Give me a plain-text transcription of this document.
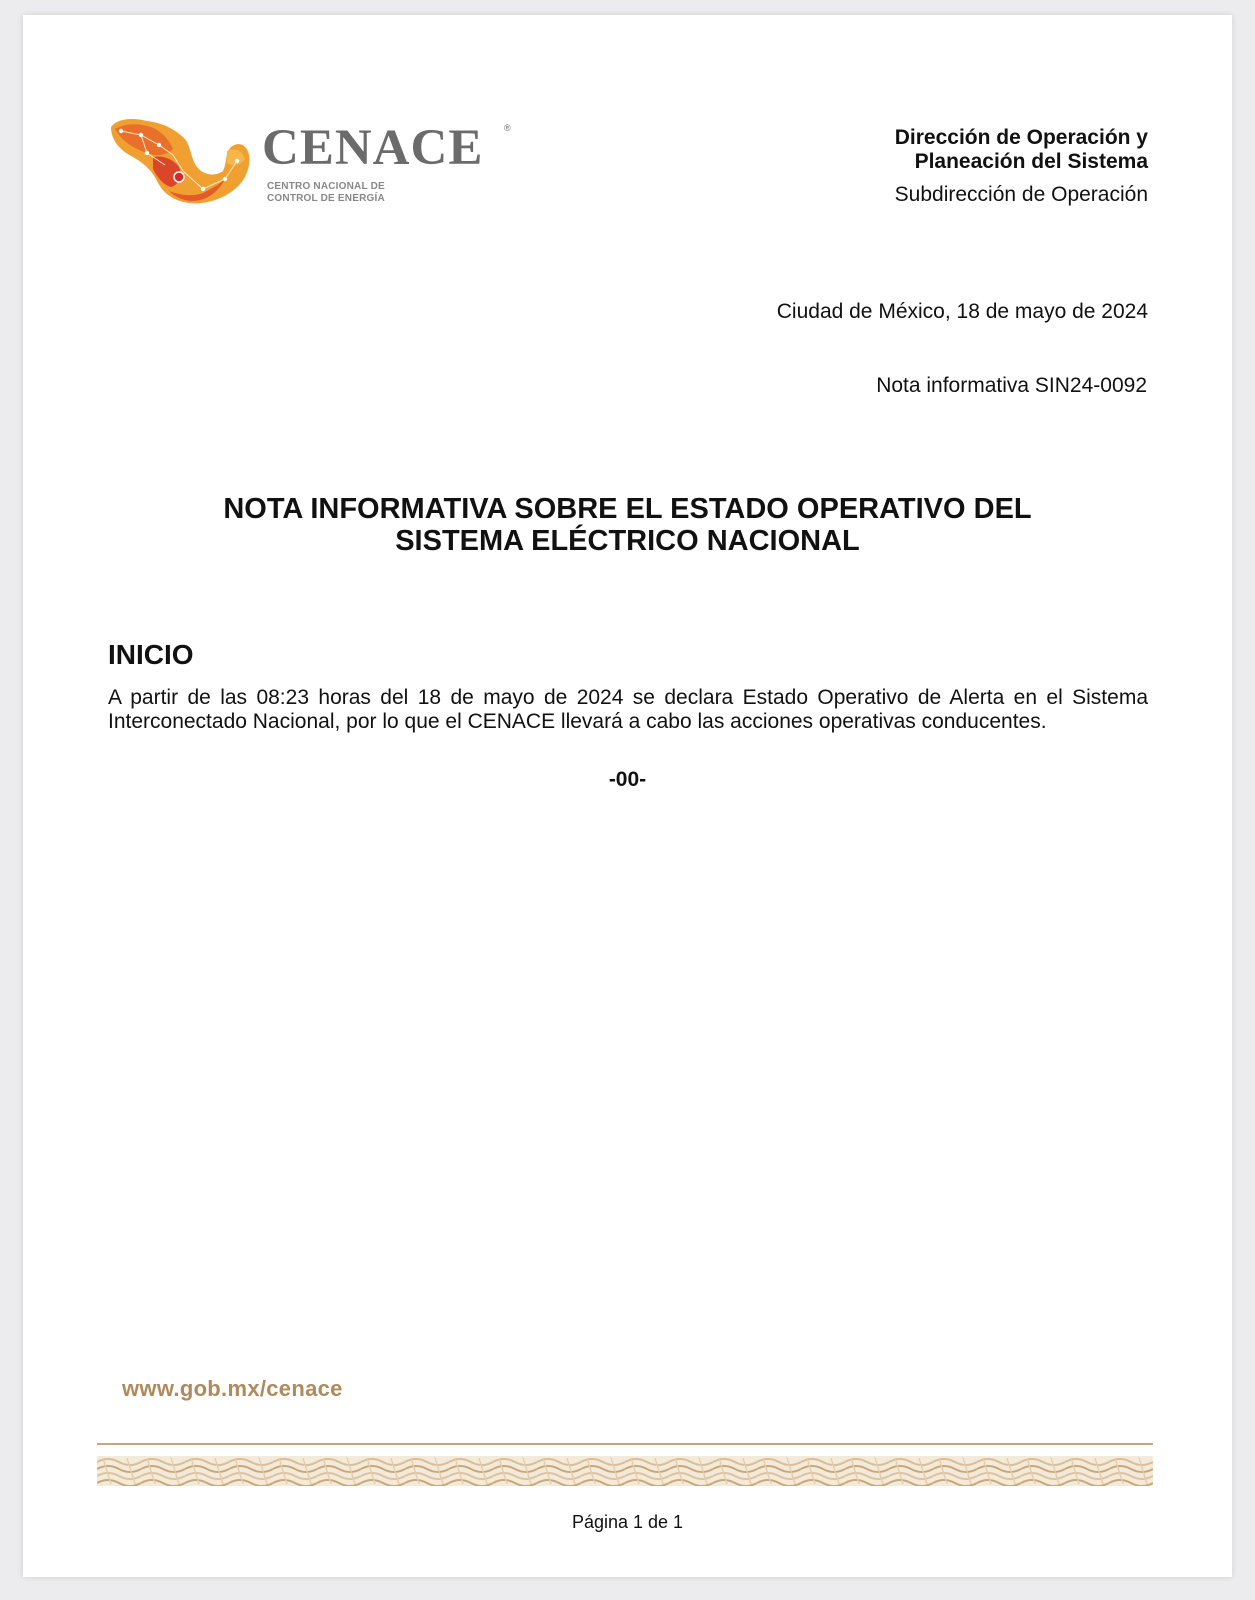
CENACE ®
CENTRO NACIONAL DE
CONTROL DE ENERGÍA
Dirección de Operación y
Planeación del Sistema
Subdirección de Operación
Ciudad de México, 18 de mayo de 2024
Nota informativa SIN24-0092
NOTA INFORMATIVA SOBRE EL ESTADO OPERATIVO DEL
SISTEMA ELÉCTRICO NACIONAL
INICIO
A partir de las 08:23 horas del 18 de mayo de 2024 se declara Estado Operativo de Alerta en el Sistema Interconectado Nacional, por lo que el CENACE llevará a cabo las acciones operativas conducentes.
-00-
www.gob.mx/cenace
Página 1 de 1
